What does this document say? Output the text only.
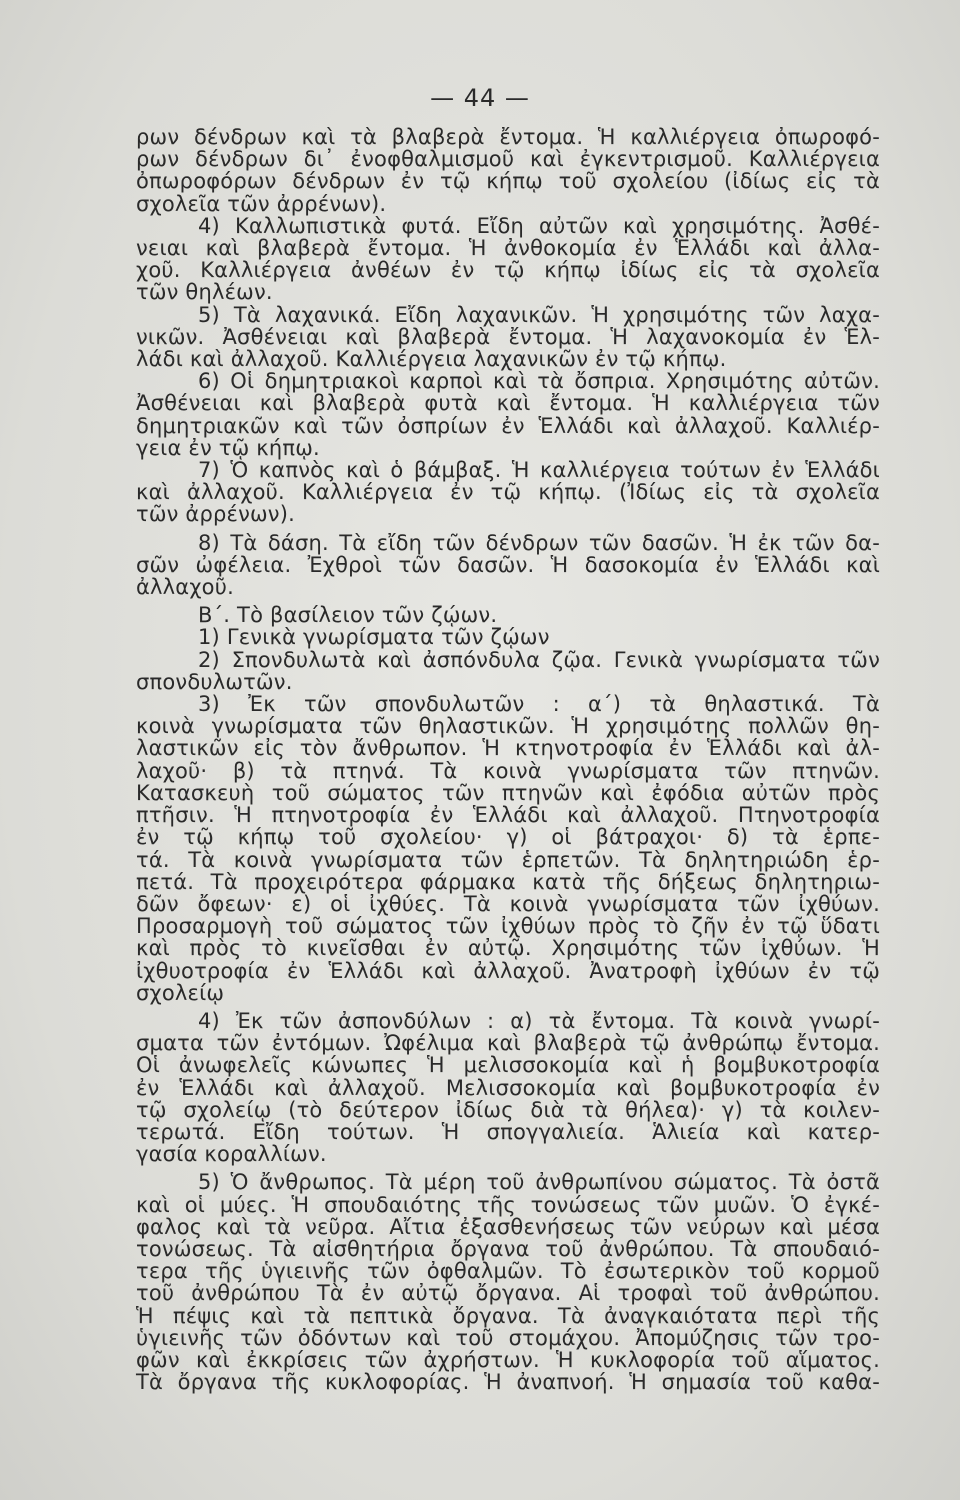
— 44 —
ρων δένδρων καὶ τὰ βλαβερὰ ἔντομα. Ἡ καλλιέργεια ὀπωροφό-
ρων δένδρων δι᾽ ἐνοφθαλμισμοῦ καὶ ἐγκεντρισμοῦ. Καλλιέργεια
ὀπωροφόρων δένδρων ἐν τῷ κήπῳ τοῦ σχολείου (ἰδίως εἰς τὰ
σχολεῖα τῶν ἀρρένων).
4) Καλλωπιστικὰ φυτά. Εἴδη αὐτῶν καὶ χρησιμότης. Ἀσθέ-
νειαι καὶ βλαβερὰ ἔντομα. Ἡ ἀνθοκομία ἐν Ἑλλάδι καὶ ἀλλα-
χοῦ. Καλλιέργεια ἀνθέων ἐν τῷ κήπῳ ἰδίως εἰς τὰ σχολεῖα
τῶν θηλέων.
5) Τὰ λαχανικά. Εἴδη λαχανικῶν. Ἡ χρησιμότης τῶν λαχα-
νικῶν. Ἀσθένειαι καὶ βλαβερὰ ἔντομα. Ἡ λαχανοκομία ἐν Ἑλ-
λάδι καὶ ἀλλαχοῦ. Καλλιέργεια λαχανικῶν ἐν τῷ κήπῳ.
6) Οἱ δημητριακοὶ καρποὶ καὶ τὰ ὄσπρια. Χρησιμότης αὐτῶν.
Ἀσθένειαι καὶ βλαβερὰ φυτὰ καὶ ἔντομα. Ἡ καλλιέργεια τῶν
δημητριακῶν καὶ τῶν ὀσπρίων ἐν Ἑλλάδι καὶ ἀλλαχοῦ. Καλλιέρ-
γεια ἐν τῷ κήπῳ.
7) Ὁ καπνὸς καὶ ὁ βάμβαξ. Ἡ καλλιέργεια τούτων ἐν Ἑλλάδι
καὶ ἀλλαχοῦ. Καλλιέργεια ἐν τῷ κήπῳ. (Ἰδίως εἰς τὰ σχολεῖα
τῶν ἀρρένων).
8) Τὰ δάση. Τὰ εἴδη τῶν δένδρων τῶν δασῶν. Ἡ ἐκ τῶν δα-
σῶν ὠφέλεια. Ἐχθροὶ τῶν δασῶν. Ἡ δασοκομία ἐν Ἑλλάδι καὶ
ἀλλαχοῦ.
Β΄. Τὸ βασίλειον τῶν ζῴων.
1) Γενικὰ γνωρίσματα τῶν ζῴων
2) Σπονδυλωτὰ καὶ ἀσπόνδυλα ζῷα. Γενικὰ γνωρίσματα τῶν
σπονδυλωτῶν.
3) Ἐκ τῶν σπονδυλωτῶν : α΄) τὰ θηλαστικά. Τὰ
κοινὰ γνωρίσματα τῶν θηλαστικῶν. Ἡ χρησιμότης πολλῶν θη-
λαστικῶν εἰς τὸν ἄνθρωπον. Ἡ κτηνοτροφία ἐν Ἑλλάδι καὶ ἀλ-
λαχοῦ· β) τὰ πτηνά. Τὰ κοινὰ γνωρίσματα τῶν πτηνῶν.
Κατασκευὴ τοῦ σώματος τῶν πτηνῶν καὶ ἐφόδια αὐτῶν πρὸς
πτῆσιν. Ἡ πτηνοτροφία ἐν Ἑλλάδι καὶ ἀλλαχοῦ. Πτηνοτροφία
ἐν τῷ κήπῳ τοῦ σχολείου· γ) οἱ βάτραχοι· δ) τὰ ἑρπε-
τά. Τὰ κοινὰ γνωρίσματα τῶν ἑρπετῶν. Τὰ δηλητηριώδη ἑρ-
πετά. Τὰ προχειρότερα φάρμακα κατὰ τῆς δήξεως δηλητηριω-
δῶν ὄφεων· ε) οἱ ἰχθύες. Τὰ κοινὰ γνωρίσματα τῶν ἰχθύων.
Προσαρμογὴ τοῦ σώματος τῶν ἰχθύων πρὸς τὸ ζῆν ἐν τῷ ὕδατι
καὶ πρὸς τὸ κινεῖσθαι ἐν αὐτῷ. Χρησιμότης τῶν ἰχθύων. Ἡ
ἰχθυοτροφία ἐν Ἑλλάδι καὶ ἀλλαχοῦ. Ἀνατροφὴ ἰχθύων ἐν τῷ
σχολείῳ
4) Ἐκ τῶν ἀσπονδύλων : α) τὰ ἔντομα. Τὰ κοινὰ γνωρί-
σματα τῶν ἐντόμων. Ὠφέλιμα καὶ βλαβερὰ τῷ ἀνθρώπῳ ἔντομα.
Οἱ ἀνωφελεῖς κώνωπες Ἡ μελισσοκομία καὶ ἡ βομβυκοτροφία
ἐν Ἑλλάδι καὶ ἀλλαχοῦ. Μελισσοκομία καὶ βομβυκοτροφία ἐν
τῷ σχολείῳ (τὸ δεύτερον ἰδίως διὰ τὰ θήλεα)· γ) τὰ κοιλεν-
τερωτά. Εἴδη τούτων. Ἡ σπογγαλιεία. Ἁλιεία καὶ κατερ-
γασία κοραλλίων.
5) Ὁ ἄνθρωπος. Τὰ μέρη τοῦ ἀνθρωπίνου σώματος. Τὰ ὀστᾶ
καὶ οἱ μύες. Ἡ σπουδαιότης τῆς τονώσεως τῶν μυῶν. Ὁ ἐγκέ-
φαλος καὶ τὰ νεῦρα. Αἴτια ἐξασθενήσεως τῶν νεύρων καὶ μέσα
τονώσεως. Τὰ αἰσθητήρια ὄργανα τοῦ ἀνθρώπου. Τὰ σπουδαιό-
τερα τῆς ὑγιεινῆς τῶν ὀφθαλμῶν. Τὸ ἐσωτερικὸν τοῦ κορμοῦ
τοῦ ἀνθρώπου Τὰ ἐν αὐτῷ ὄργανα. Αἱ τροφαὶ τοῦ ἀνθρώπου.
Ἡ πέψις καὶ τὰ πεπτικὰ ὄργανα. Τὰ ἀναγκαιότατα περὶ τῆς
ὑγιεινῆς τῶν ὀδόντων καὶ τοῦ στομάχου. Ἀπομύζησις τῶν τρο-
φῶν καὶ ἐκκρίσεις τῶν ἀχρήστων. Ἡ κυκλοφορία τοῦ αἵματος.
Τὰ ὄργανα τῆς κυκλοφορίας. Ἡ ἀναπνοή. Ἡ σημασία τοῦ καθα-
